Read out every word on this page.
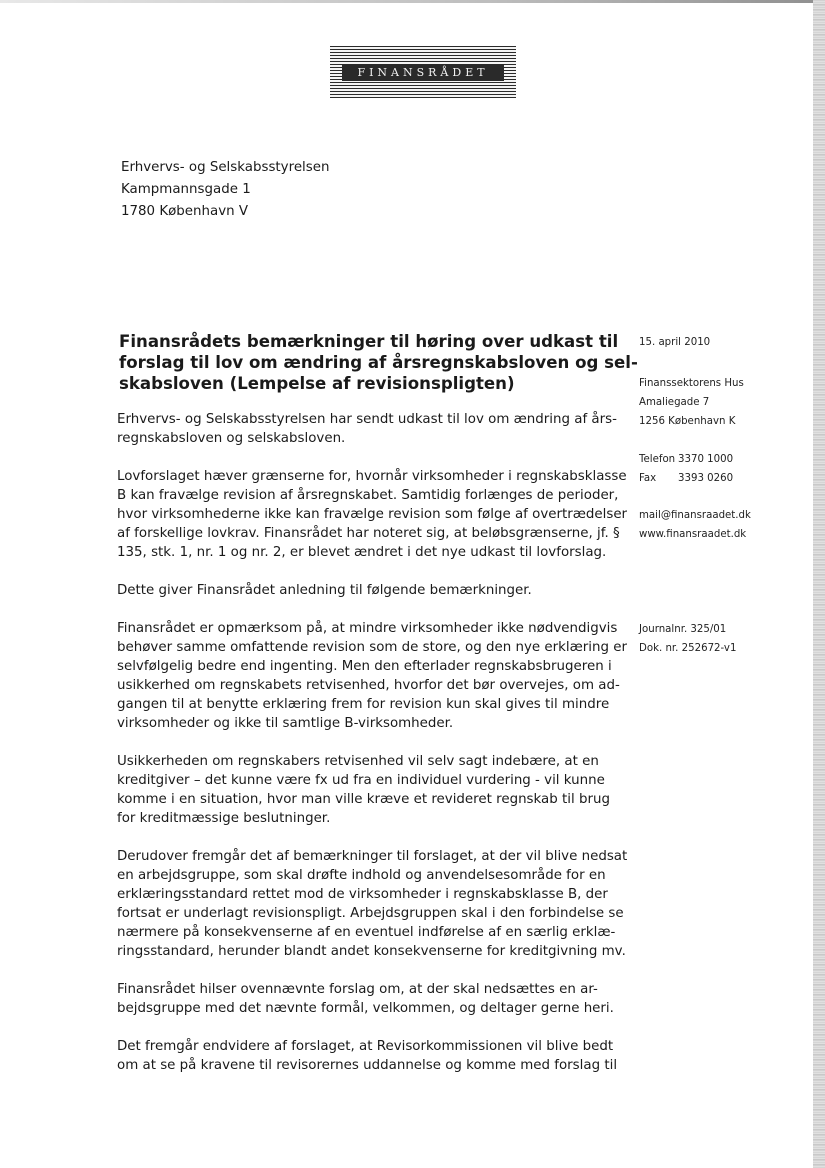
FINANSRÅDET
Erhvervs- og Selskabsstyrelsen
Kampmannsgade 1
1780 København V
Finansrådets bemærkninger til høring over udkast til
forslag til lov om ændring af årsregnskabsloven og sel-
skabsloven (Lempelse af revisionspligten)
15. april 2010
Finanssektorens Hus
Amaliegade 7
1256 København K
Telefon 3370 1000
Fax 3393 0260
mail@finansraadet.dk
www.finansraadet.dk
Journalnr. 325/01
Dok. nr. 252672-v1
Erhvervs- og Selskabsstyrelsen har sendt udkast til lov om ændring af års-
regnskabsloven og selskabsloven.
Lovforslaget hæver grænserne for, hvornår virksomheder i regnskabsklasse
B kan fravælge revision af årsregnskabet. Samtidig forlænges de perioder,
hvor virksomhederne ikke kan fravælge revision som følge af overtrædelser
af forskellige lovkrav. Finansrådet har noteret sig, at beløbsgrænserne, jf. §
135, stk. 1, nr. 1 og nr. 2, er blevet ændret i det nye udkast til lovforslag.
Dette giver Finansrådet anledning til følgende bemærkninger.
Finansrådet er opmærksom på, at mindre virksomheder ikke nødvendigvis
behøver samme omfattende revision som de store, og den nye erklæring er
selvfølgelig bedre end ingenting. Men den efterlader regnskabsbrugeren i
usikkerhed om regnskabets retvisenhed, hvorfor det bør overvejes, om ad-
gangen til at benytte erklæring frem for revision kun skal gives til mindre
virksomheder og ikke til samtlige B-virksomheder.
Usikkerheden om regnskabers retvisenhed vil selv sagt indebære, at en
kreditgiver – det kunne være fx ud fra en individuel vurdering - vil kunne
komme i en situation, hvor man ville kræve et revideret regnskab til brug
for kreditmæssige beslutninger.
Derudover fremgår det af bemærkninger til forslaget, at der vil blive nedsat
en arbejdsgruppe, som skal drøfte indhold og anvendelsesområde for en
erklæringsstandard rettet mod de virksomheder i regnskabsklasse B, der
fortsat er underlagt revisionspligt. Arbejdsgruppen skal i den forbindelse se
nærmere på konsekvenserne af en eventuel indførelse af en særlig erklæ-
ringsstandard, herunder blandt andet konsekvenserne for kreditgivning mv.
Finansrådet hilser ovennævnte forslag om, at der skal nedsættes en ar-
bejdsgruppe med det nævnte formål, velkommen, og deltager gerne heri.
Det fremgår endvidere af forslaget, at Revisorkommissionen vil blive bedt
om at se på kravene til revisorernes uddannelse og komme med forslag til
